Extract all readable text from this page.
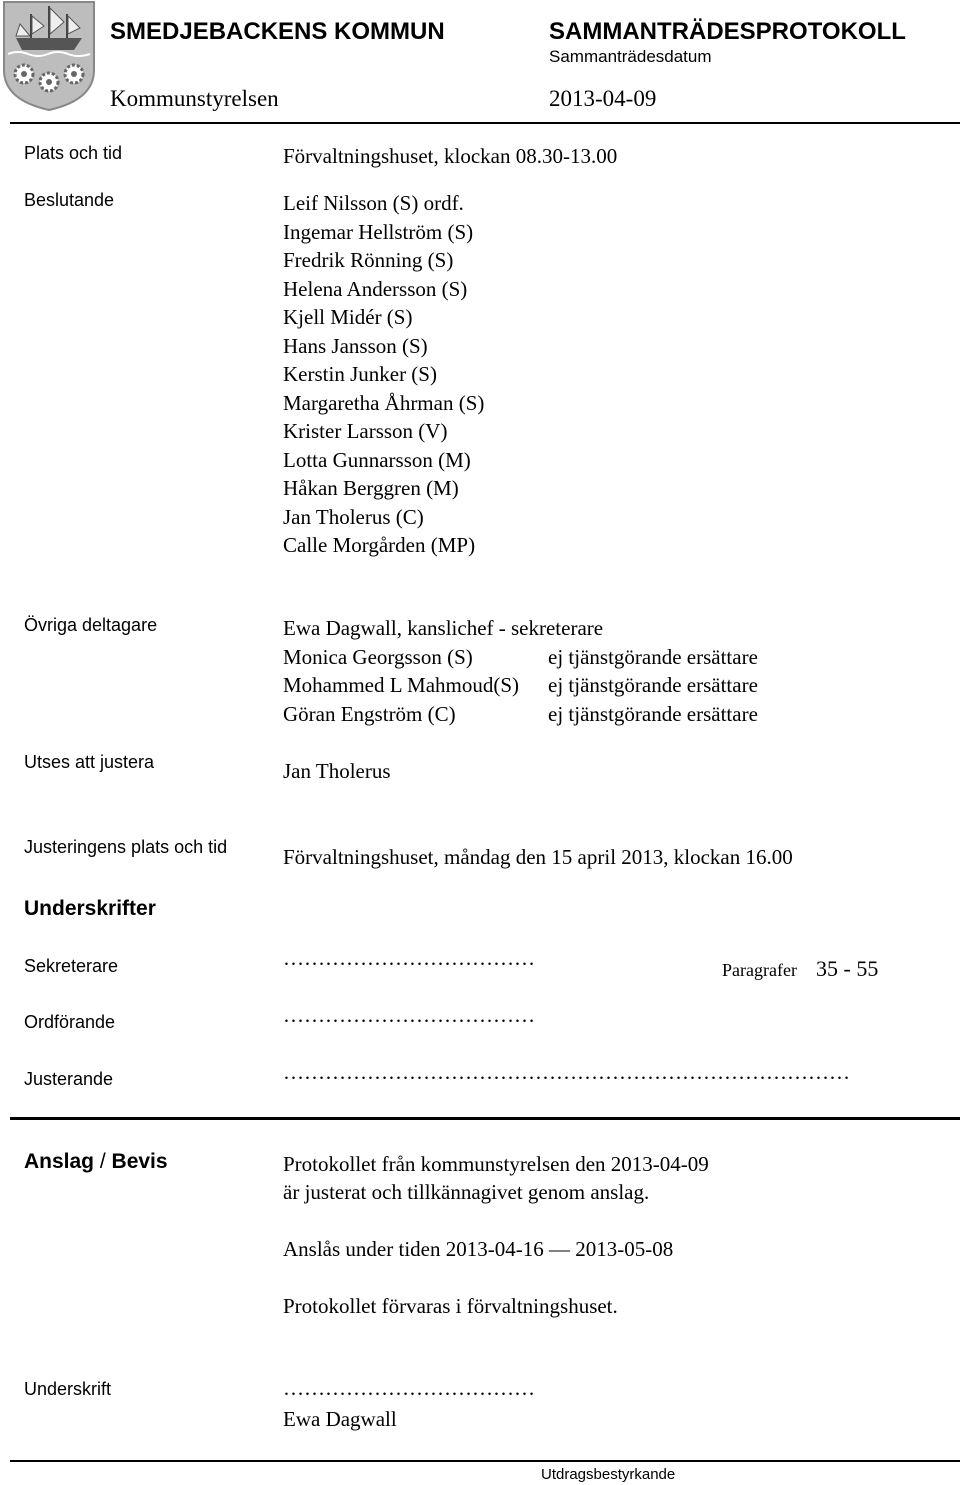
SMEDJEBACKENS KOMMUN	SAMMANTRÄDESPROTOKOLL
Sammanträdesdatum
Kommunstyrelsen	2013-04-09
Plats och tid	Förvaltningshuset, klockan 08.30-13.00
Beslutande	Leif Nilsson (S) ordf.
Ingemar Hellström (S)
Fredrik Rönning (S)
Helena Andersson (S)
Kjell Midér (S)
Hans Jansson (S)
Kerstin Junker (S)
Margaretha Åhrman (S)
Krister Larsson (V)
Lotta Gunnarsson (M)
Håkan Berggren (M)
Jan Tholerus (C)
Calle Morgården (MP)
Övriga deltagare	Ewa Dagwall, kanslichef - sekreterare
Monica Georgsson (S)	ej tjänstgörande ersättare
Mohammed L Mahmoud(S) ej tjänstgörande ersättare
Göran Engström (C)	ej tjänstgörande ersättare
Utses att justera	Jan Tholerus
Justeringens plats och tid	Förvaltningshuset, måndag den 15 april 2013, klockan 16.00
Underskrifter
Sekreterare	………………………………	Paragrafer 35 - 55
Ordförande	………………………………
Justerande	………………………………………………………………………
Anslag / Bevis	Protokollet från kommunstyrelsen den 2013-04-09
är justerat och tillkännagivet genom anslag.
Anslås under tiden 2013-04-16 — 2013-05-08
Protokollet förvaras i förvaltningshuset.
Underskrift	………………………………
Ewa Dagwall
Utdragsbestyrkande
